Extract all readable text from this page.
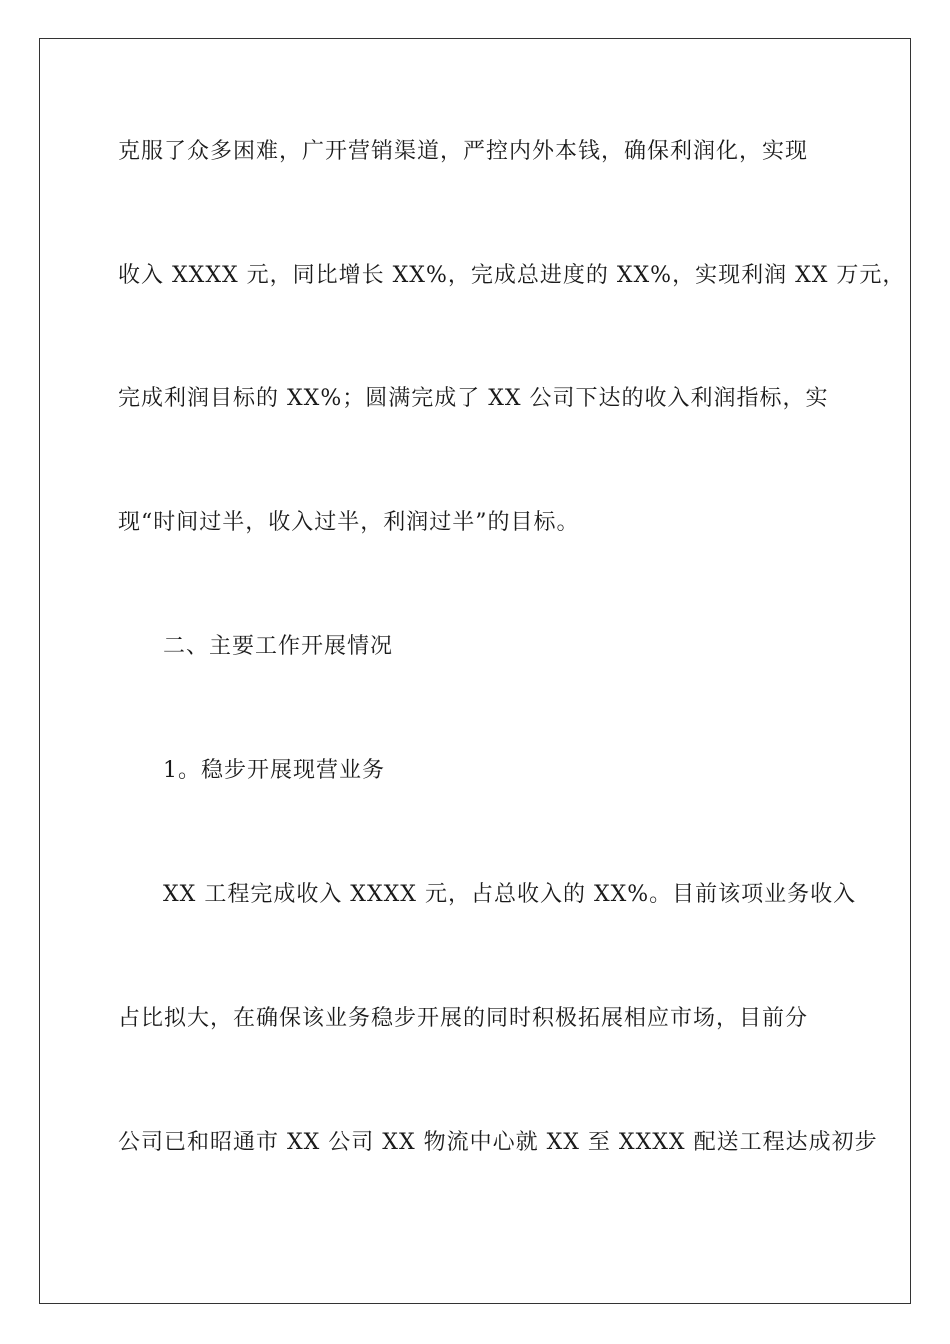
克服了众多困难，广开营销渠道，严控内外本钱，确保利润化，实现
收入 XXXX 元，同比增长 XX%，完成总进度的 XX%，实现利润 XX 万元，
完成利润目标的 XX%；圆满完成了 XX 公司下达的收入利润指标，实
现“时间过半，收入过半，利润过半”的目标。
二、主要工作开展情况
1。稳步开展现营业务
XX 工程完成收入 XXXX 元，占总收入的 XX%。目前该项业务收入
占比拟大，在确保该业务稳步开展的同时积极拓展相应市场，目前分
公司已和昭通市 XX 公司 XX 物流中心就 XX 至 XXXX 配送工程达成初步
